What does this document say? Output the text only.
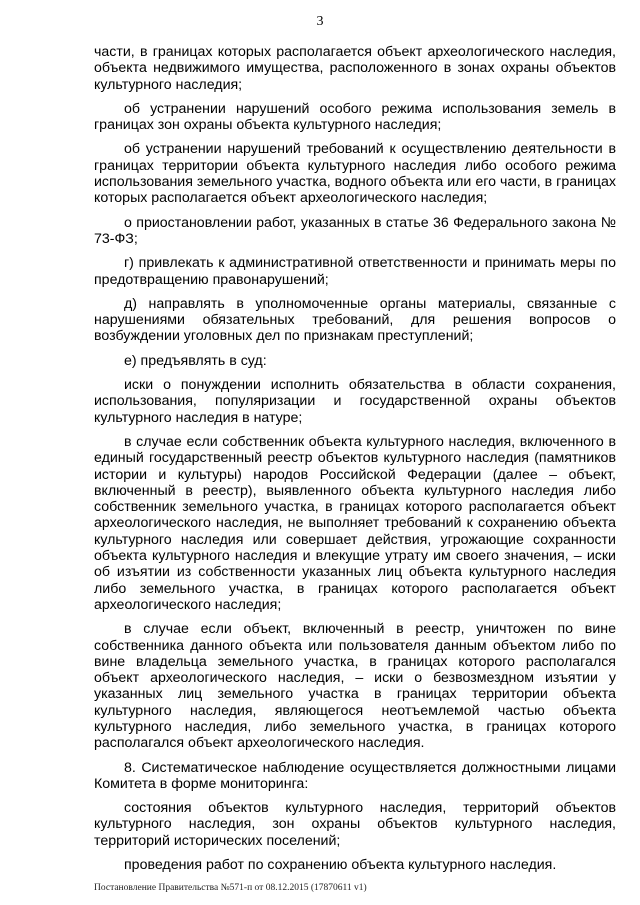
3

части, в границах которых располагается объект археологического наследия, объекта недвижимого имущества, расположенного в зонах охраны объектов культурного наследия;

об устранении нарушений особого режима использования земель в границах зон охраны объекта культурного наследия;

об устранении нарушений требований к осуществлению деятельности в границах территории объекта культурного наследия либо особого режима использования земельного участка, водного объекта или его части, в границах которых располагается объект археологического наследия;

о приостановлении работ, указанных в статье 36 Федерального закона № 73-ФЗ;

г) привлекать к административной ответственности и принимать меры по предотвращению правонарушений;

д) направлять в уполномоченные органы материалы, связанные с нарушениями обязательных требований, для решения вопросов о возбуждении уголовных дел по признакам преступлений;

е) предъявлять в суд:

иски о понуждении исполнить обязательства в области сохранения, использования, популяризации и государственной охраны объектов культурного наследия в натуре;

в случае если собственник объекта культурного наследия, включенного в единый государственный реестр объектов культурного наследия (памятников истории и культуры) народов Российской Федерации (далее – объект, включенный в реестр), выявленного объекта культурного наследия либо собственник земельного участка, в границах которого располагается объект археологического наследия, не выполняет требований к сохранению объекта культурного наследия или совершает действия, угрожающие сохранности объекта культурного наследия и влекущие утрату им своего значения, – иски об изъятии из собственности указанных лиц объекта культурного наследия либо земельного участка, в границах которого располагается объект археологического наследия;

в случае если объект, включенный в реестр, уничтожен по вине собственника данного объекта или пользователя данным объектом либо по вине владельца земельного участка, в границах которого располагался объект археологического наследия, – иски о безвозмездном изъятии у указанных лиц земельного участка в границах территории объекта культурного наследия, являющегося неотъемлемой частью объекта культурного наследия, либо земельного участка, в границах которого располагался объект археологического наследия.

8. Систематическое наблюдение осуществляется должностными лицами Комитета в форме мониторинга:

состояния объектов культурного наследия, территорий объектов культурного наследия, зон охраны объектов культурного наследия, территорий исторических поселений;

проведения работ по сохранению объекта культурного наследия.

Постановление Правительства №571-п от 08.12.2015 (17870611 v1)
